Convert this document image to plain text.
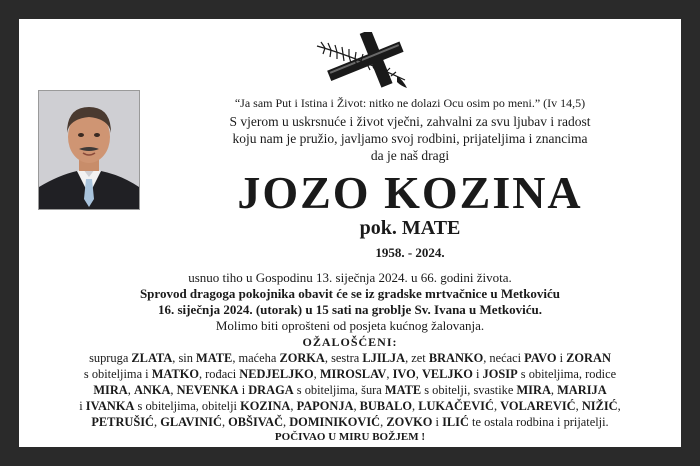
“Ja sam Put i Istina i Život: nitko ne dolazi Ocu osim po meni.” (Iv 14,5)
S vjerom u uskrsnuće i život vječni, zahvalni za svu ljubav i radost
koju nam je pružio, javljamo svoj rodbini, prijateljima i znancima
da je naš dragi
JOZO KOZINA
pok. MATE
1958. - 2024.
usnuo tiho u Gospodinu 13. siječnja 2024. u 66. godini života.
Sprovod dragoga pokojnika obavit će se iz gradske mrtvačnice u Metkoviću
16. siječnja 2024. (utorak) u 15 sati na groblje Sv. Ivana u Metkoviću.
Molimo biti oprošteni od posjeta kućnog žalovanja.
OŽALOŠĆENI:
supruga ZLATA, sin MATE, maćeha ZORKA, sestra LJILJA, zet BRANKO, nećaci PAVO i ZORAN
s obiteljima i MATKO, rođaci NEDJELJKO, MIROSLAV, IVO, VELJKO i JOSIP s obiteljima, rodice
MIRA, ANKA, NEVENKA i DRAGA s obiteljima, šura MATE s obitelji, svastike MIRA, MARIJA
i IVANKA s obiteljima, obitelji KOZINA, PAPONJA, BUBALO, LUKAČEVIĆ, VOLAREVIĆ, NIŽIĆ,
PETRUŠIĆ, GLAVINIĆ, OBŠIVAČ, DOMINIKOVIĆ, ZOVKO i ILIĆ te ostala rodbina i prijatelji.
POČIVAO U MIRU BOŽJEM !
